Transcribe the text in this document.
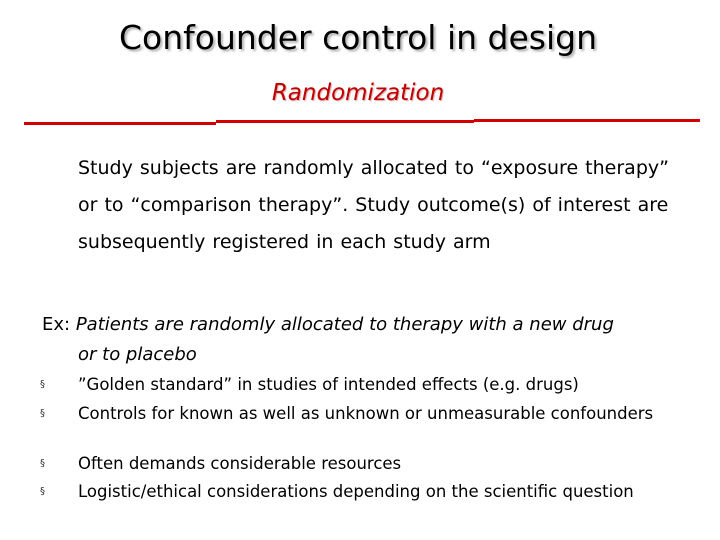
Confounder control in design
Randomization
Study subjects are randomly allocated to “exposure therapy” or to “comparison therapy”. Study outcome(s) of interest are subsequently registered in each study arm
Ex: Patients are randomly allocated to therapy with a new drug
or to placebo
§ ”Golden standard” in studies of intended effects (e.g. drugs)
§ Controls for known as well as unknown or unmeasurable confounders
§ Often demands considerable resources
§ Logistic/ethical considerations depending on the scientific question
